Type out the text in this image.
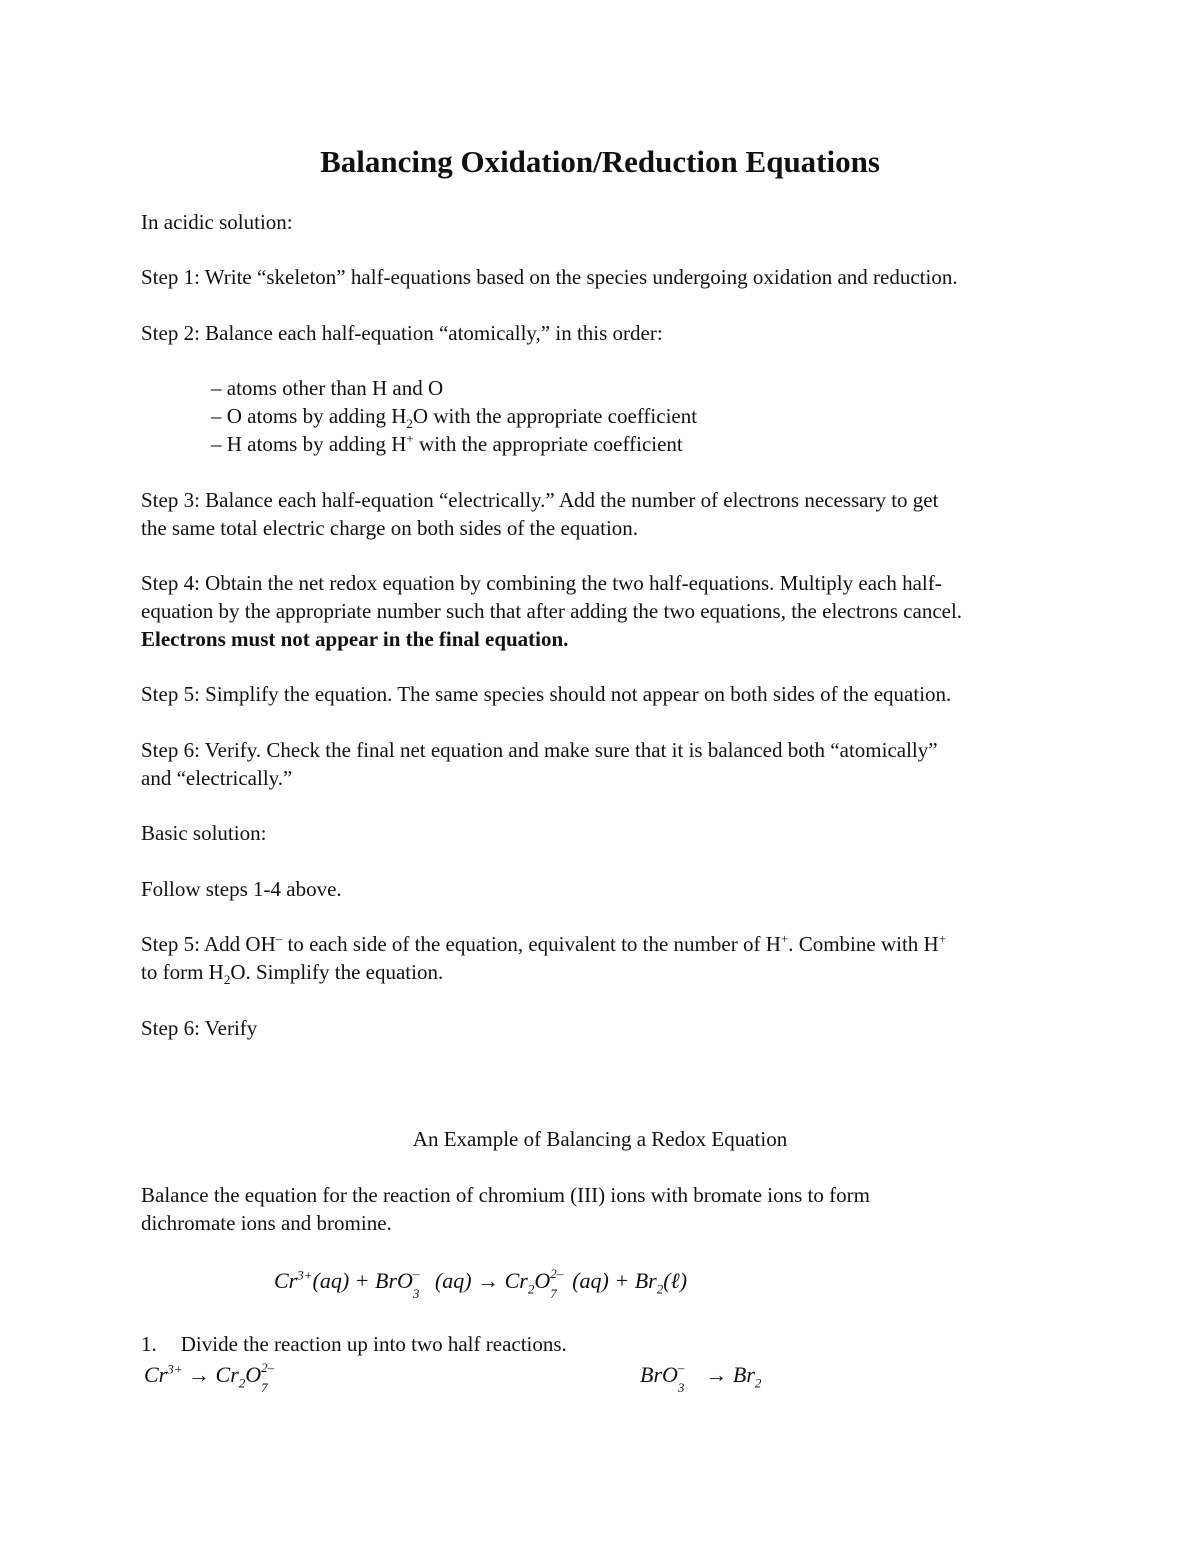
Balancing Oxidation/Reduction Equations
In acidic solution:
Step 1: Write “skeleton” half-equations based on the species undergoing oxidation and reduction.
Step 2: Balance each half-equation “atomically,” in this order:
– atoms other than H and O
– O atoms by adding $H_2O$ with the appropriate coefficient
– H atoms by adding H+ with the appropriate coefficient
Step 3: Balance each half-equation “electrically.” Add the number of electrons necessary to get
the same total electric charge on both sides of the equation.
Step 4: Obtain the net redox equation by combining the two half-equations. Multiply each half-
equation by the appropriate number such that after adding the two equations, the electrons cancel.
Electrons must not appear in the final equation.
Step 5: Simplify the equation. The same species should not appear on both sides of the equation.
Step 6: Verify. Check the final net equation and make sure that it is balanced both “atomically”
and “electrically.”
Basic solution:
Follow steps 1-4 above.
Step 5: Add OH– to each side of the equation, equivalent to the number of H+. Combine with H+
to form $H_2O$. Simplify the equation.
Step 6: Verify
An Example of Balancing a Redox Equation
Balance the equation for the reaction of chromium (III) ions with bromate ions to form
dichromate ions and bromine.
$Cr^{3+}(aq)$ + BrO –
3
$(aq) \to Cr_2O$ 2–
7
$(aq) + Br_2(\ell)$
1. Divide the reaction up into two half reactions.
$Cr^{3+} \to Cr_2O$ 2–
7
BrO –
3
→ $Br_2$
